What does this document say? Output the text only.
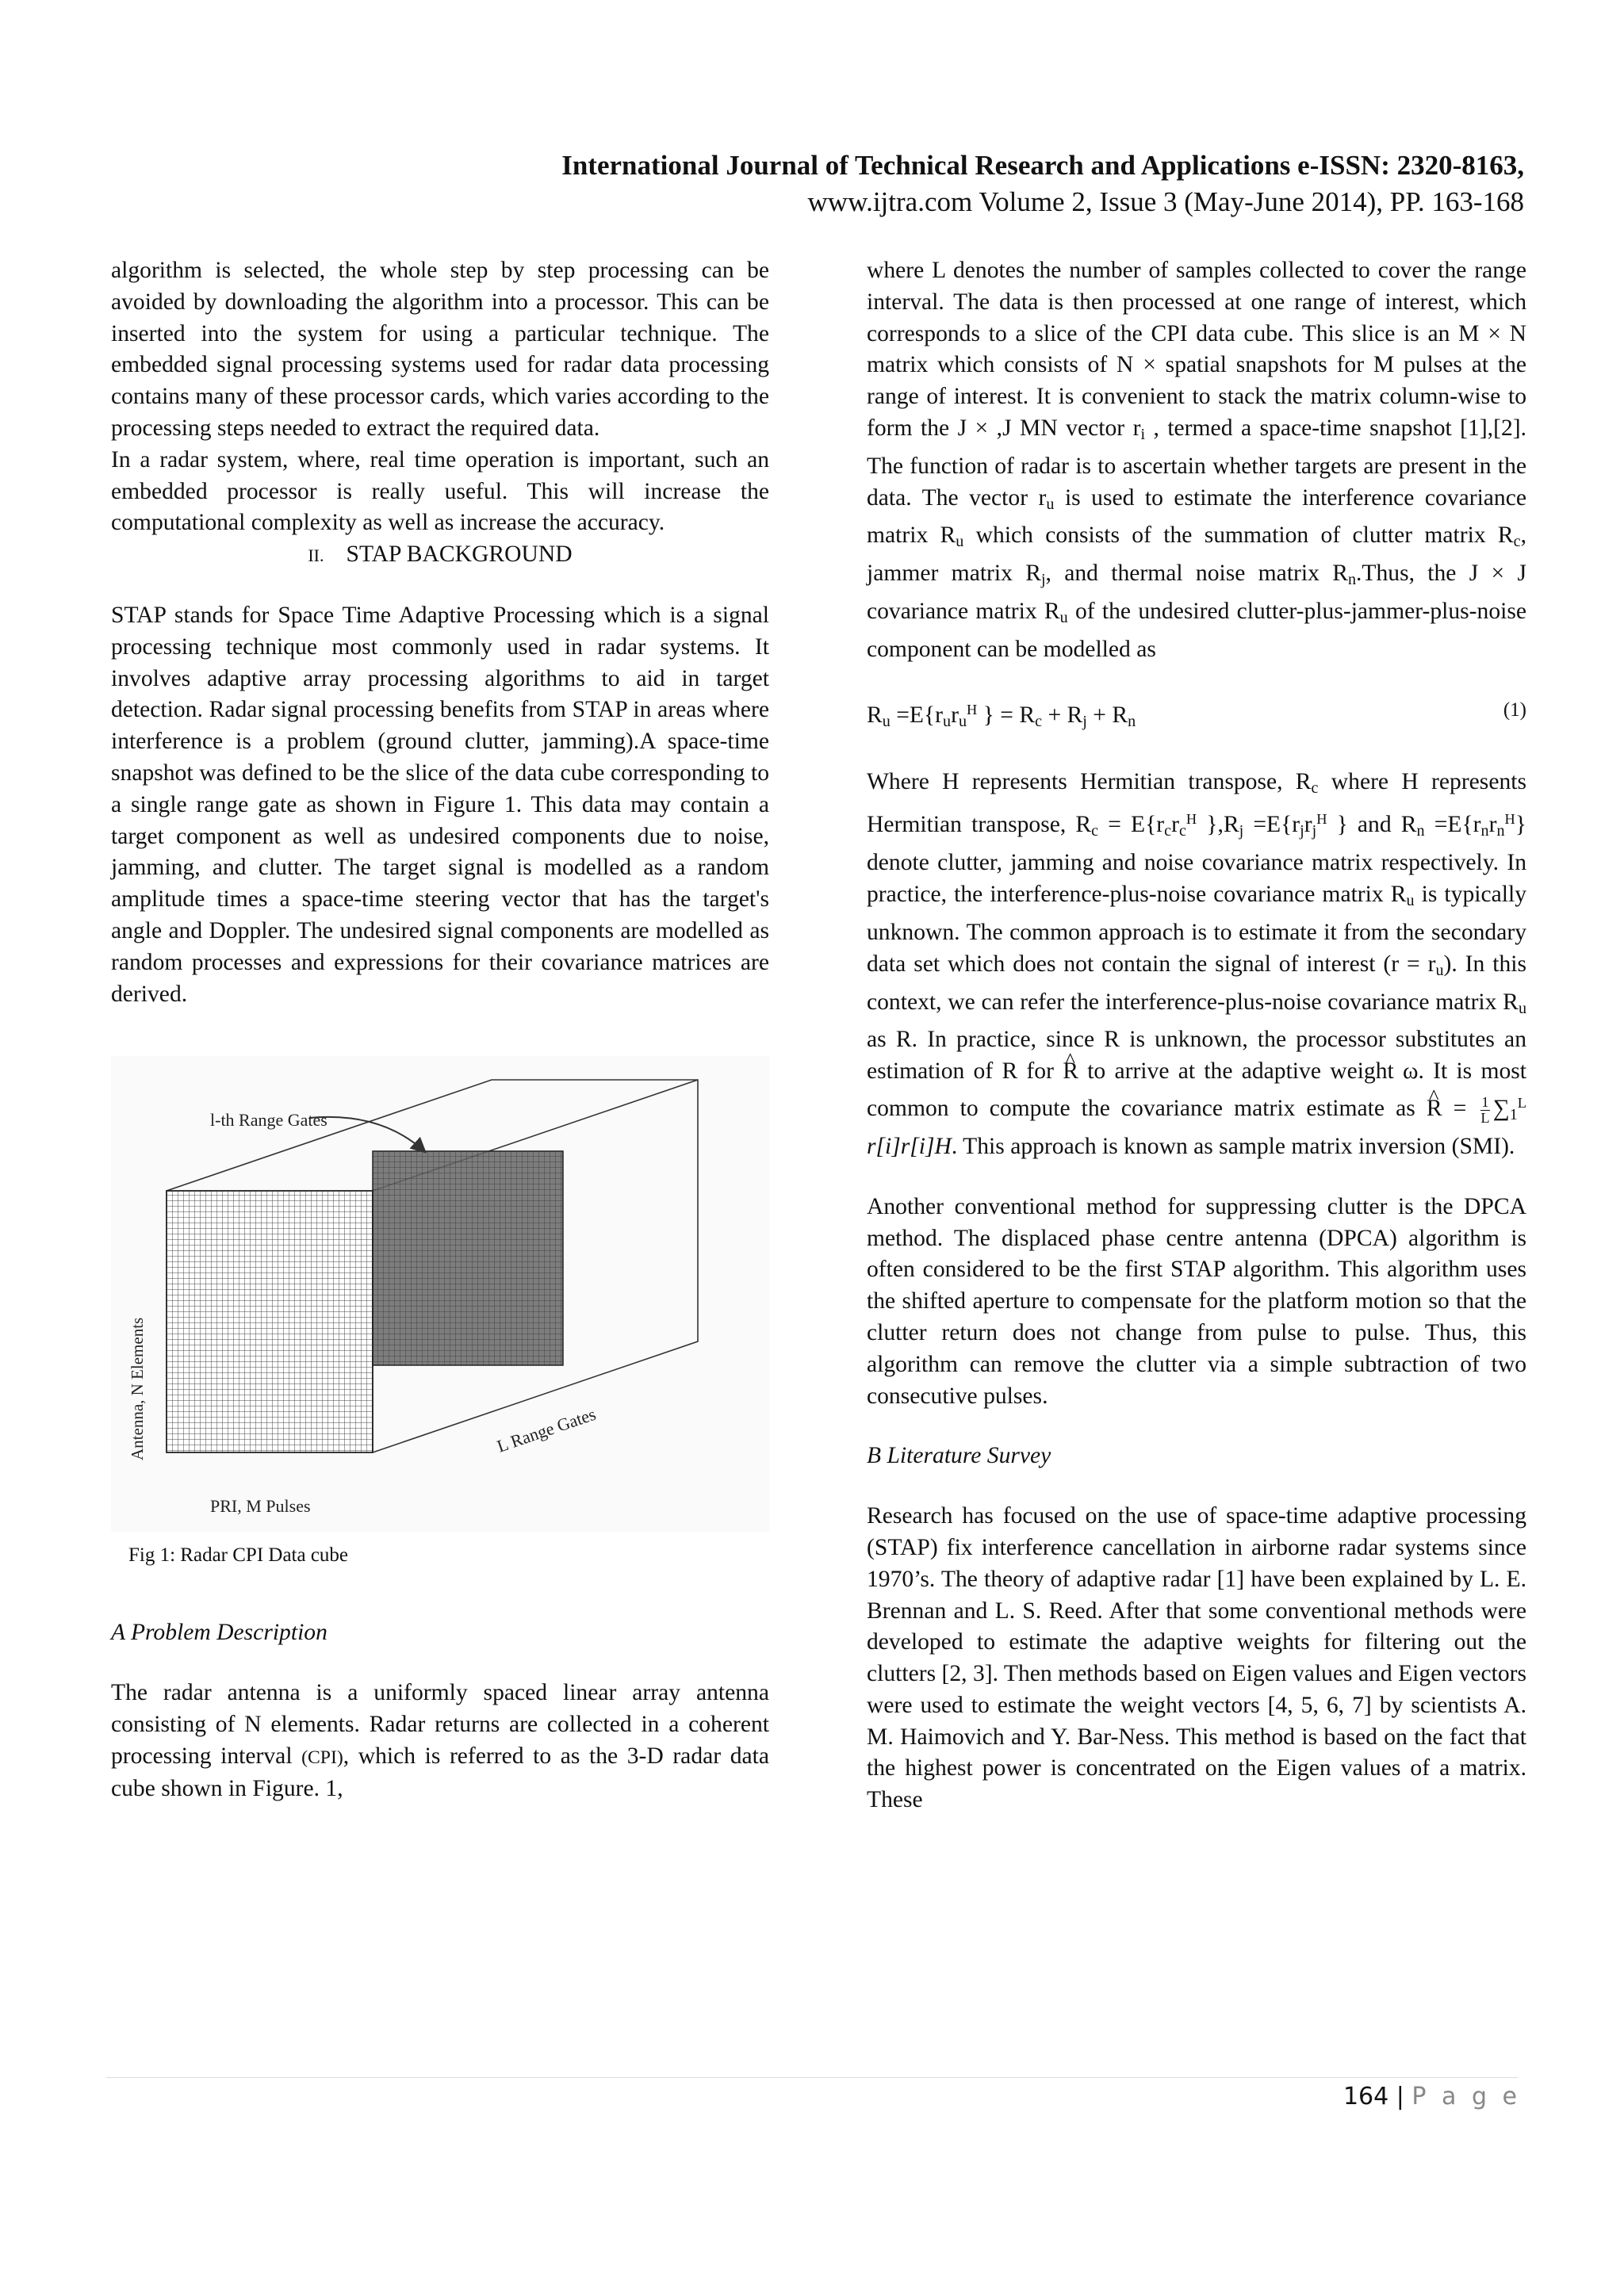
International Journal of Technical Research and Applications e-ISSN: 2320-8163,
www.ijtra.com Volume 2, Issue 3 (May-June 2014), PP. 163-168

algorithm is selected, the whole step by step processing can be avoided by downloading the algorithm into a processor. This can be inserted into the system for using a particular technique. The embedded signal processing systems used for radar data processing contains many of these processor cards, which varies according to the processing steps needed to extract the required data.

In a radar system, where, real time operation is important, such an embedded processor is really useful. This will increase the computational complexity as well as increase the accuracy.

II. STAP BACKGROUND

STAP stands for Space Time Adaptive Processing which is a signal processing technique most commonly used in radar systems. It involves adaptive array processing algorithms to aid in target detection. Radar signal processing benefits from STAP in areas where interference is a problem (ground clutter, jamming).A space-time snapshot was defined to be the slice of the data cube corresponding to a single range gate as shown in Figure 1. This data may contain a target component as well as undesired components due to noise, jamming, and clutter. The target signal is modelled as a random amplitude times a space-time steering vector that has the target's angle and Doppler. The undesired signal components are modelled as random processes and expressions for their covariance matrices are derived.

l-th Range Gates
Antenna, N Elements	L Range Gates
PRI, M Pulses
Fig 1: Radar CPI Data cube

A Problem Description

The radar antenna is a uniformly spaced linear array antenna consisting of N elements. Radar returns are collected in a coherent processing interval (CPI), which is referred to as the 3-D radar data cube shown in Figure. 1,

where L denotes the number of samples collected to cover the range interval. The data is then processed at one range of interest, which corresponds to a slice of the CPI data cube. This slice is an M × N matrix which consists of N × spatial snapshots for M pulses at the range of interest. It is convenient to stack the matrix column-wise to form the J × ,J MN vector $r_i$ , termed a space-time snapshot [1],[2]. The function of radar is to ascertain whether targets are present in the data. The vector $r_u$ is used to estimate the interference covariance matrix $R_u$ which consists of the summation of clutter matrix $R_c$, jammer matrix $R_j$, and thermal noise matrix $R_n.Thus$, the J × J covariance matrix $R_u$ of the undesired clutter-plus-jammer-plus-noise component can be modelled as

$R_u =E\{r_ur_u^H$ } = $R_c + R_j + R_n$
(1)

Where H represents Hermitian transpose, $R_c$ where H represents Hermitian transpose, $R_c = E\{r_cr_c^H$ }$,R_j =E\{r_jr_j^H$ } and $R_n =E\{r_nr_n^H\}$ denote clutter, jamming and noise covariance matrix respectively. In practice, the interference-plus-noise covariance matrix $R_u$ is typically unknown. The common approach is to estimate it from the secondary data set which does not contain the signal of interest $(r = r_u)$. In this context, we can refer the interference-plus-noise covariance matrix $R_u$ as R. In practice, since R is unknown, the processor substitutes an estimation of R for ^ R to arrive at the adaptive weight ω. It is most common to compute the covariance matrix estimate as ^ $R = \frac{1}{L} \sum_1^L$ r[i]r[i]H. This approach is known as sample matrix inversion (SMI).

Another conventional method for suppressing clutter is the DPCA method. The displaced phase centre antenna (DPCA) algorithm is often considered to be the first STAP algorithm. This algorithm uses the shifted aperture to compensate for the platform motion so that the clutter return does not change from pulse to pulse. Thus, this algorithm can remove the clutter via a simple subtraction of two consecutive pulses.

B Literature Survey

Research has focused on the use of space-time adaptive processing (STAP) fix interference cancellation in airborne radar systems since 1970’s. The theory of adaptive radar [1] have been explained by L. E. Brennan and L. S. Reed. After that some conventional methods were developed to estimate the adaptive weights for filtering out the clutters [2, 3]. Then methods based on Eigen values and Eigen vectors were used to estimate the weight vectors [4, 5, 6, 7] by scientists A. M. Haimovich and Y. Bar-Ness. This method is based on the fact that the highest power is concentrated on the Eigen values of a matrix. These

164 | P a g e
